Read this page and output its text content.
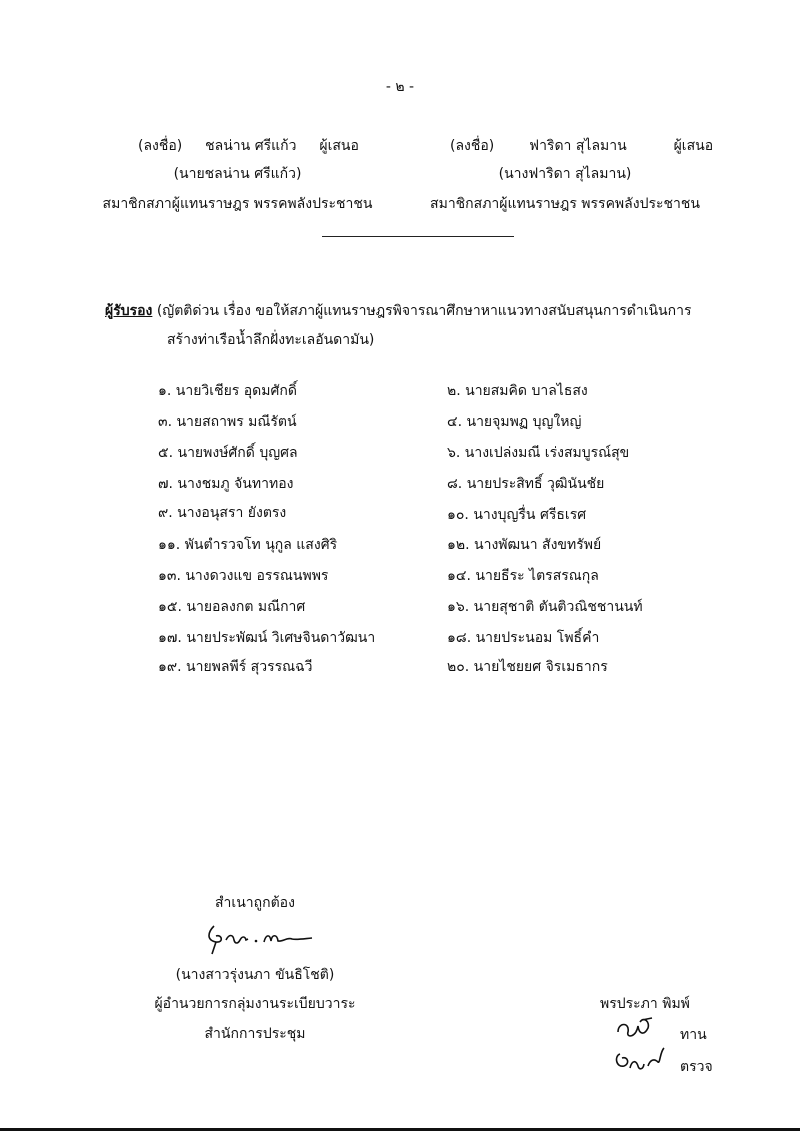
- ๒ -
(ลงชื่อ) ชลน่าน ศรีแก้ว ผู้เสนอ
(นายชลน่าน ศรีแก้ว)
สมาชิกสภาผู้แทนราษฎร พรรคพลังประชาชน
(ลงชื่อ) ฟาริดา สุไลมาน	ผู้เสนอ
(นางฟาริดา สุไลมาน)
สมาชิกสภาผู้แทนราษฎร พรรคพลังประชาชน
ผู้รับรอง (ญัตติด่วน เรื่อง ขอให้สภาผู้แทนราษฎรพิจารณาศึกษาหาแนวทางสนับสนุนการดำเนินการ
สร้างท่าเรือน้ำลึกฝั่งทะเลอันดามัน)
๑. นายวิเชียร อุดมศักดิ์	๒. นายสมคิด บาลไธสง
๓. นายสถาพร มณีรัตน์	๔. นายจุมพฏ บุญใหญ่
๕. นายพงษ์ศักดิ์ บุญศล	๖. นางเปล่งมณี เร่งสมบูรณ์สุข
๗. นางชมภู จันทาทอง	๘. นายประสิทธิ์ วุฒินันชัย
๙. นางอนุสรา ยังตรง	๑๐. นางบุญรื่น ศรีธเรศ
๑๑. พันตำรวจโท นุกูล แสงศิริ	๑๒. นางพัฒนา สังขทรัพย์
๑๓. นางดวงแข อรรณนพพร	๑๔. นายธีระ ไตรสรณกุล
๑๕. นายอลงกต มณีกาศ	๑๖. นายสุชาติ ตันติวณิชชานนท์
๑๗. นายประพัฒน์ วิเศษจินดาวัฒนา	๑๘. นายประนอม โพธิ์คำ
๑๙. นายพลพีร์ สุวรรณฉวี	๒๐. นายไชยยศ จิรเมธากร
สำเนาถูกต้อง
(นางสาวรุ่งนภา ขันธิโชติ)
ผู้อำนวยการกลุ่มงานระเบียบวาระ
สำนักการประชุม
พรประภา พิมพ์
ทาน
ตรวจ
